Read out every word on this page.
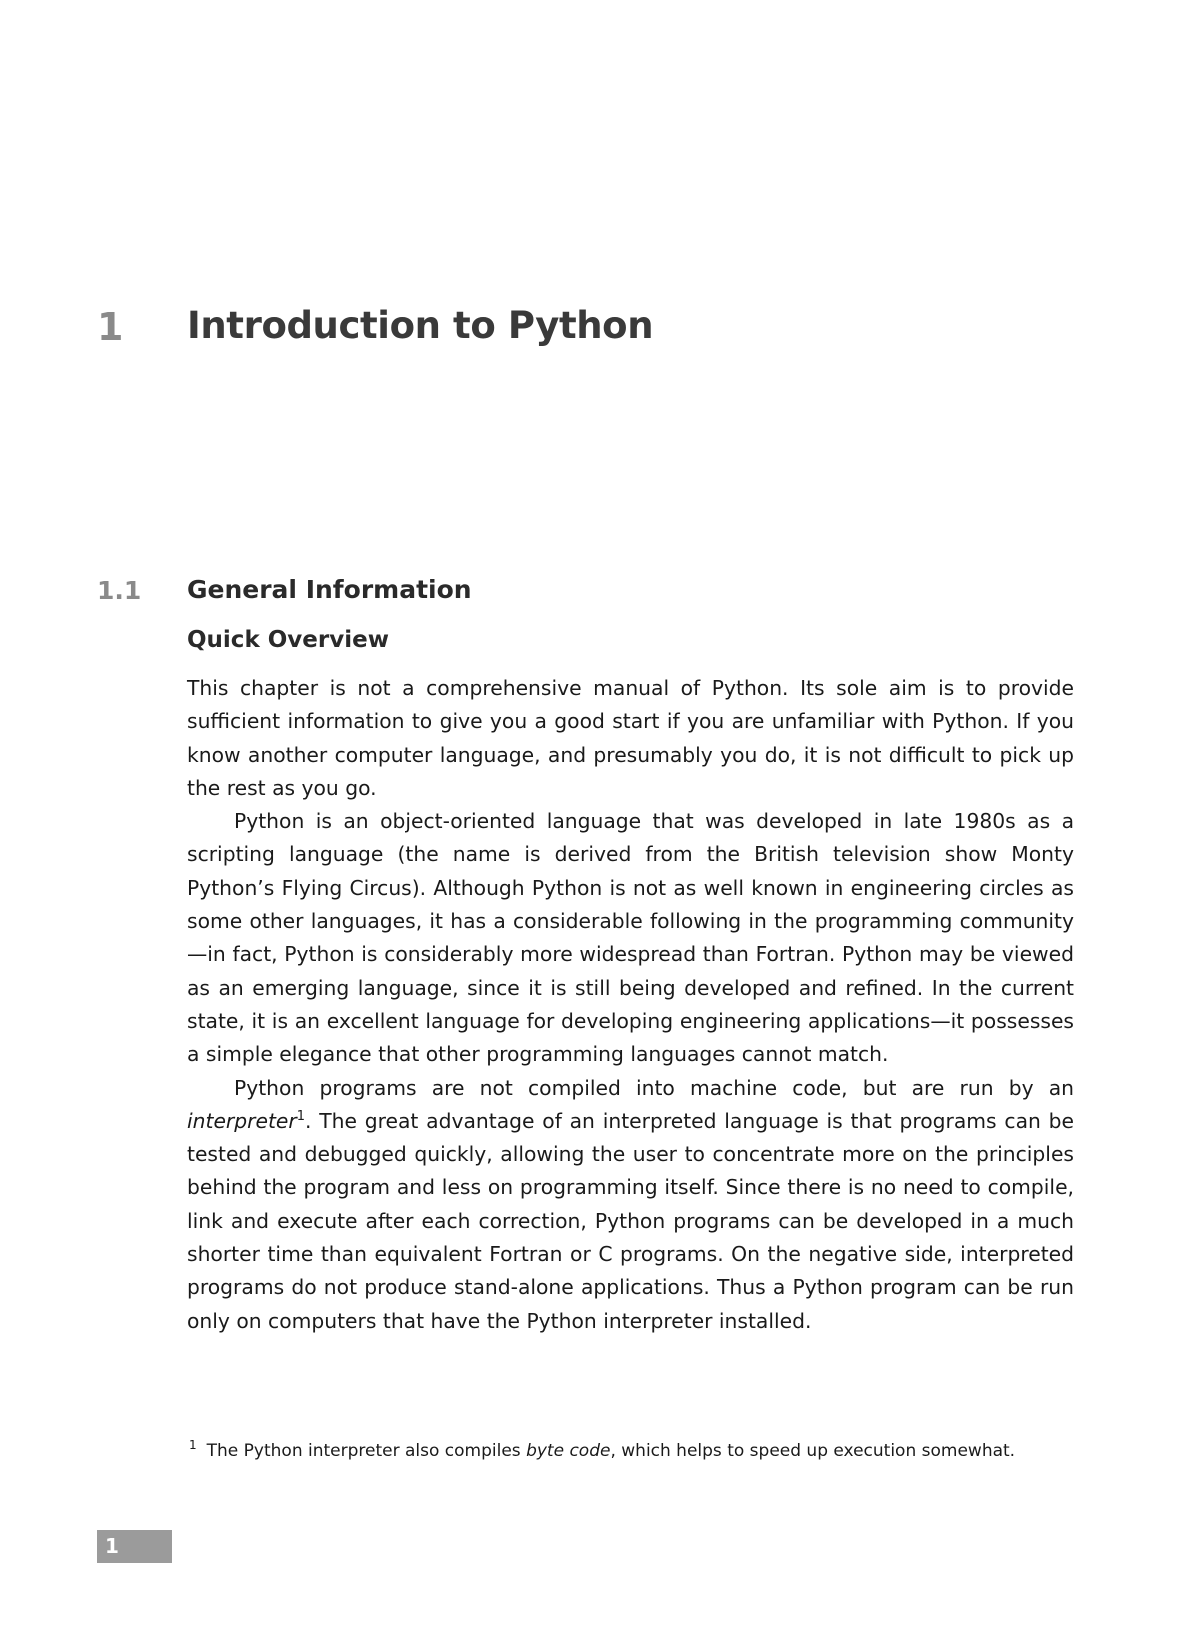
1 Introduction to Python
1.1 General Information
Quick Overview

This chapter is not a comprehensive manual of Python. Its sole aim is to provide sufficient information to give you a good start if you are unfamiliar with Python. If you know another computer language, and presumably you do, it is not difficult to pick up the rest as you go.

Python is an object-oriented language that was developed in late 1980s as a scripting language (the name is derived from the British television show Monty Python’s Flying Circus). Although Python is not as well known in engineering circles as some other languages, it has a considerable following in the programming community—in fact, Python is considerably more widespread than Fortran. Python may be viewed as an emerging language, since it is still being developed and refined. In the current state, it is an excellent language for developing engineering applications—it possesses a simple elegance that other programming languages cannot match.

Python programs are not compiled into machine code, but are run by an interpreter$^1$. The great advantage of an interpreted language is that programs can be tested and debugged quickly, allowing the user to concentrate more on the principles behind the program and less on programming itself. Since there is no need to compile, link and execute after each correction, Python programs can be developed in a much shorter time than equivalent Fortran or C programs. On the negative side, interpreted programs do not produce stand-alone applications. Thus a Python program can be run only on computers that have the Python interpreter installed.

$^1$ The Python interpreter also compiles byte code, which helps to speed up execution somewhat.
1
